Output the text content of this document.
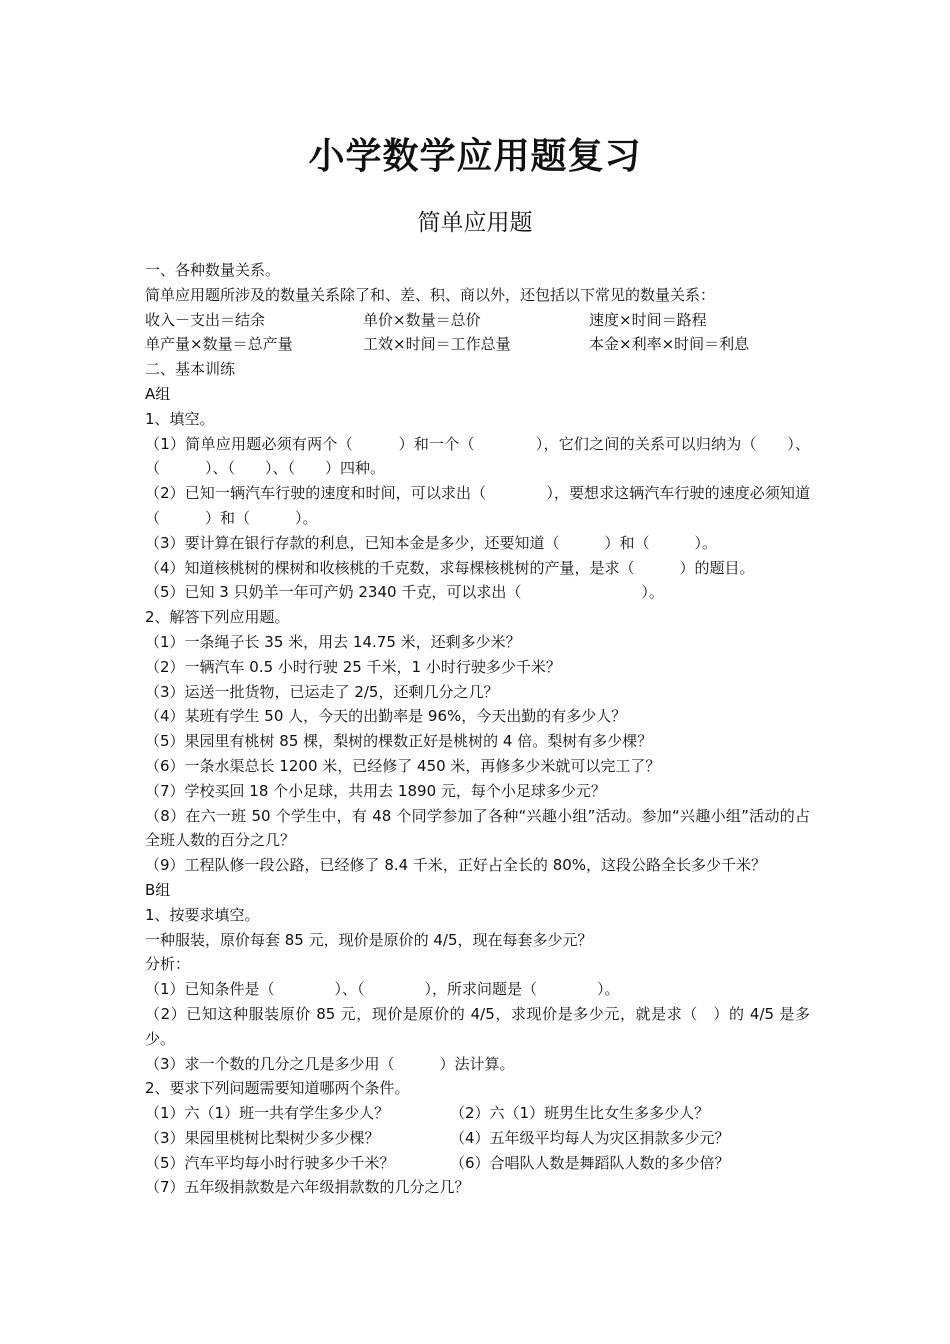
小学数学应用题复习
简单应用题
一、各种数量关系。
简单应用题所涉及的数量关系除了和、差、积、商以外，还包括以下常见的数量关系：
收入－支出＝结余	单价×数量＝总价	速度×时间＝路程
单产量×数量＝总产量	工效×时间＝工作总量	本金×利率×时间＝利息
二、基本训练
A组
1、填空。
（1）简单应用题必须有两个（　　　）和一个（　　　　），它们之间的关系可以归纳为（　　）、（　　　）、（　　）、（　　）四种。
（2）已知一辆汽车行驶的速度和时间，可以求出（　　　　），要想求这辆汽车行驶的速度必须知道（　　　）和（　　　）。
（3）要计算在银行存款的利息，已知本金是多少，还要知道（　　　）和（　　　）。
（4）知道核桃树的棵树和收核桃的千克数，求每棵核桃树的产量，是求（　　　）的题目。
（5）已知 3 只奶羊一年可产奶 2340 千克，可以求出（　　　　　　　　）。
2、解答下列应用题。
（1）一条绳子长 35 米，用去 14.75 米，还剩多少米？
（2）一辆汽车 0.5 小时行驶 25 千米，1 小时行驶多少千米？
（3）运送一批货物，已运走了 2/5，还剩几分之几？
（4）某班有学生 50 人，今天的出勤率是 96%，今天出勤的有多少人？
（5）果园里有桃树 85 棵，梨树的棵数正好是桃树的 4 倍。梨树有多少棵？
（6）一条水渠总长 1200 米，已经修了 450 米，再修多少米就可以完工了？
（7）学校买回 18 个小足球，共用去 1890 元，每个小足球多少元？
（8）在六一班 50 个学生中，有 48 个同学参加了各种“兴趣小组”活动。参加“兴趣小组”活动的占全班人数的百分之几？
（9）工程队修一段公路，已经修了 8.4 千米，正好占全长的 80%，这段公路全长多少千米？
B组
1、按要求填空。
一种服装，原价每套 85 元，现价是原价的 4/5，现在每套多少元？
分析：
（1）已知条件是（　　　　）、（　　　　），所求问题是（　　　　）。
（2）已知这种服装原价 85 元，现价是原价的 4/5，求现价是多少元，就是求（　）的 4/5 是多少。
（3）求一个数的几分之几是多少用（　　　）法计算。
2、要求下列问题需要知道哪两个条件。
（1）六（1）班一共有学生多少人？	（2）六（1）班男生比女生多多少人？
（3）果园里桃树比梨树少多少棵？	（4）五年级平均每人为灾区捐款多少元？
（5）汽车平均每小时行驶多少千米？	（6）合唱队人数是舞蹈队人数的多少倍？
（7）五年级捐款数是六年级捐款数的几分之几？
